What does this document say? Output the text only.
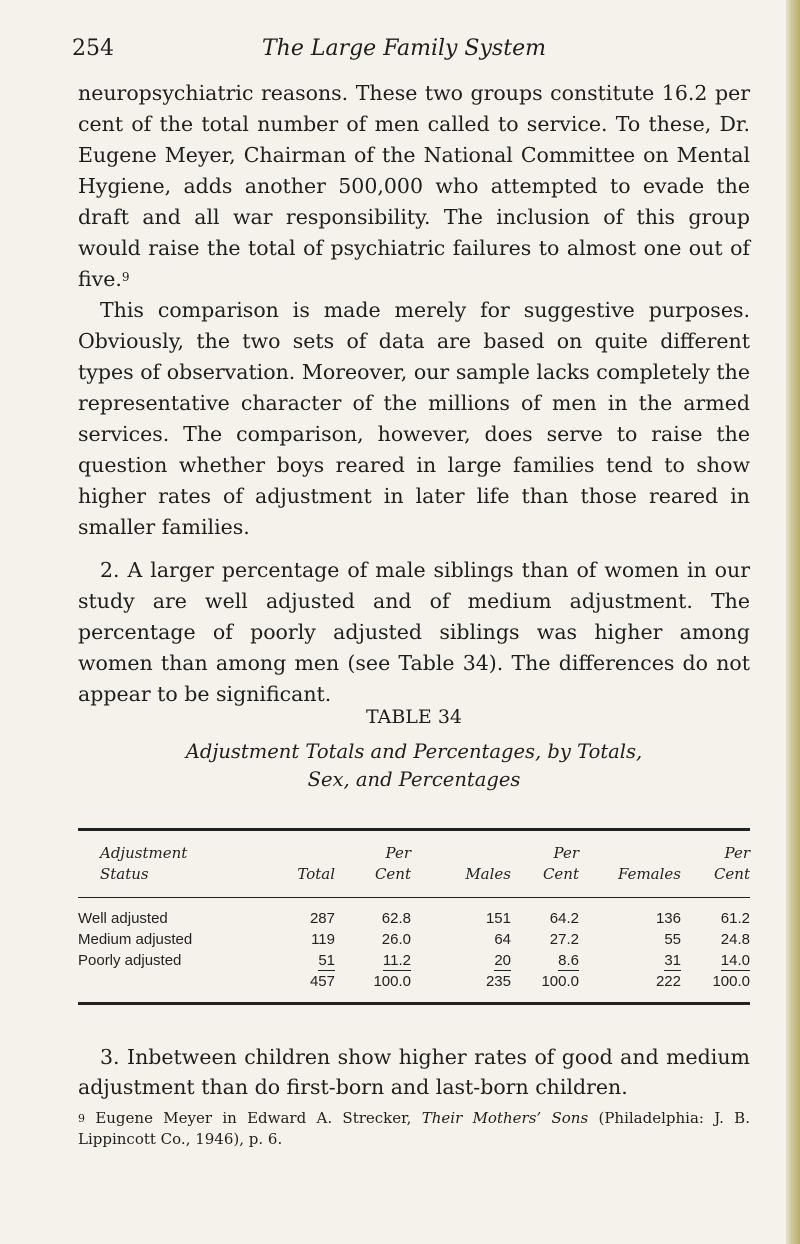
254	The Large Family System

neuropsychiatric reasons. These two groups constitute 16.2 per cent of the total number of men called to service. To these, Dr. Eugene Meyer, Chairman of the National Committee on Mental Hygiene, adds another 500,000 who attempted to evade the draft and all war responsibility. The inclusion of this group would raise the total of psychiatric failures to almost one out of five.$^9$

This comparison is made merely for suggestive purposes. Obviously, the two sets of data are based on quite different types of observation. Moreover, our sample lacks completely the representative character of the millions of men in the armed services. The comparison, however, does serve to raise the question whether boys reared in large families tend to show higher rates of adjustment in later life than those reared in smaller families.

2. A larger percentage of male siblings than of women in our study are well adjusted and of medium adjustment. The percentage of poorly adjusted siblings was higher among women than among men (see Table 34). The differences do not appear to be significant.

TABLE 34

Adjustment Totals and Percentages, by Totals,

Sex, and Percentages

Adjustment		Per		Per		Per
Status	Total	Cent	Males	Cent	Females	Cent
Well adjusted	287	62.8	151	64.2	136	61.2
Medium adjusted	119	26.0	64	27.2	55	24.8
Poorly adjusted	51	11.2	20	8.6	31	14.0
	457	100.0	235	100.0	222	100.0

3. Inbetween children show higher rates of good and medium adjustment than do first-born and last-born children.

$^9$ Eugene Meyer in Edward A. Strecker, Their Mothers’ Sons (Philadelphia: J. B. Lippincott Co., 1946), p. 6.
